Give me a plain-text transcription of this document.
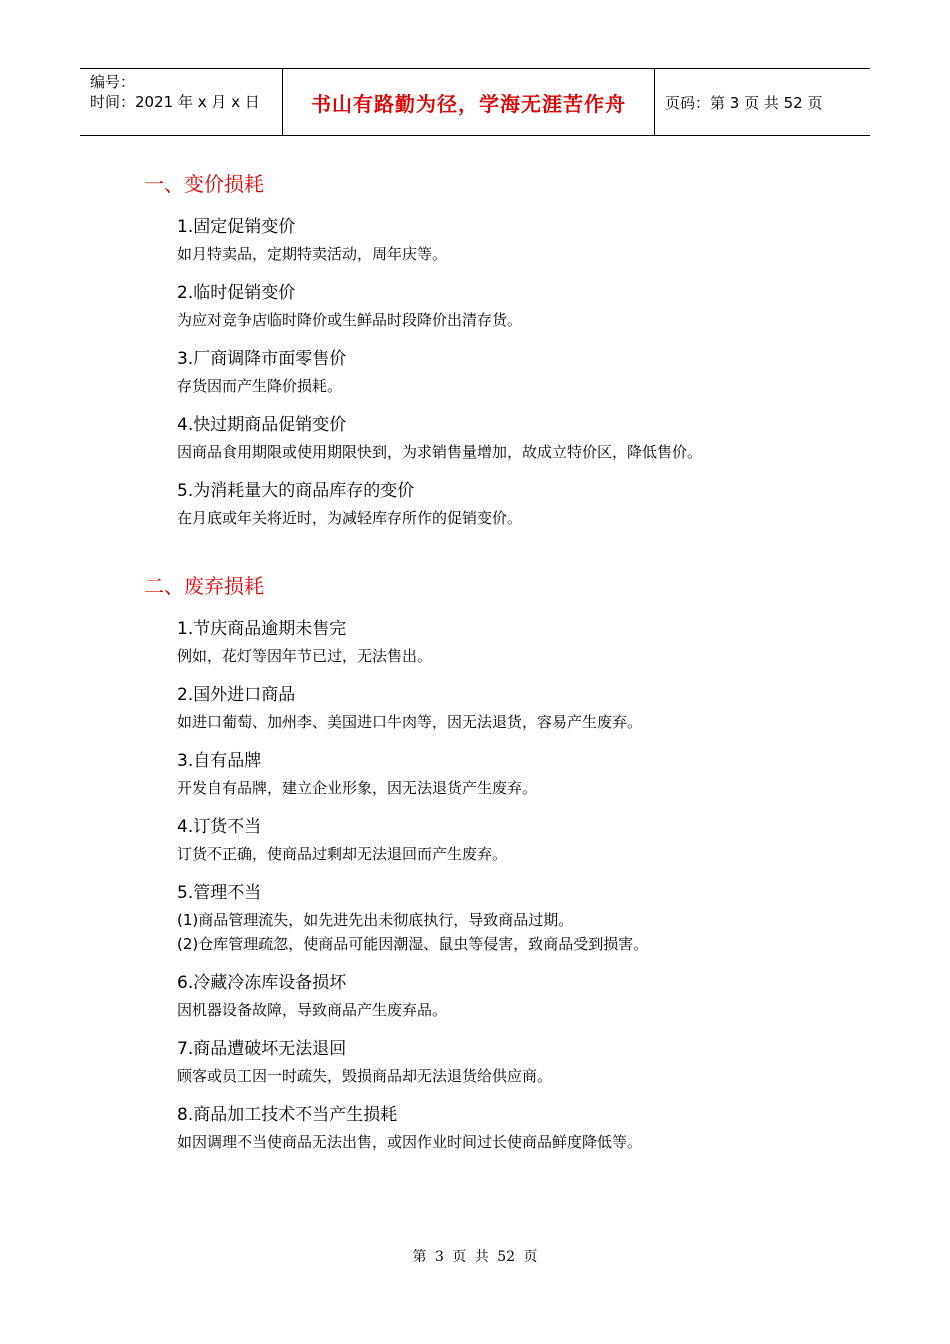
编号：
时间：2021 年 x 月 x 日	书山有路勤为径，学海无涯苦作舟	页码：第 3 页 共 52 页
一、变价损耗
1.固定促销变价
如月特卖品，定期特卖活动，周年庆等。
2.临时促销变价
为应对竞争店临时降价或生鲜品时段降价出清存货。
3.厂商调降市面零售价
存货因而产生降价损耗。
4.快过期商品促销变价
因商品食用期限或使用期限快到，为求销售量增加，故成立特价区，降低售价。
5.为消耗量大的商品库存的变价
在月底或年关将近时，为减轻库存所作的促销变价。
二、废弃损耗
1.节庆商品逾期未售完
例如，花灯等因年节已过，无法售出。
2.国外进口商品
如进口葡萄、加州李、美国进口牛肉等，因无法退货，容易产生废弃。
3.自有品牌
开发自有品牌，建立企业形象，因无法退货产生废弃。
4.订货不当
订货不正确，使商品过剩却无法退回而产生废弃。
5.管理不当
(1)商品管理流失，如先进先出未彻底执行，导致商品过期。
(2)仓库管理疏忽，使商品可能因潮湿、鼠虫等侵害，致商品受到损害。
6.冷藏冷冻库设备损坏
因机器设备故障，导致商品产生废弃品。
7.商品遭破坏无法退回
顾客或员工因一时疏失，毁损商品却无法退货给供应商。
8.商品加工技术不当产生损耗
如因调理不当使商品无法出售，或因作业时间过长使商品鲜度降低等。
第 3 页 共 52 页
